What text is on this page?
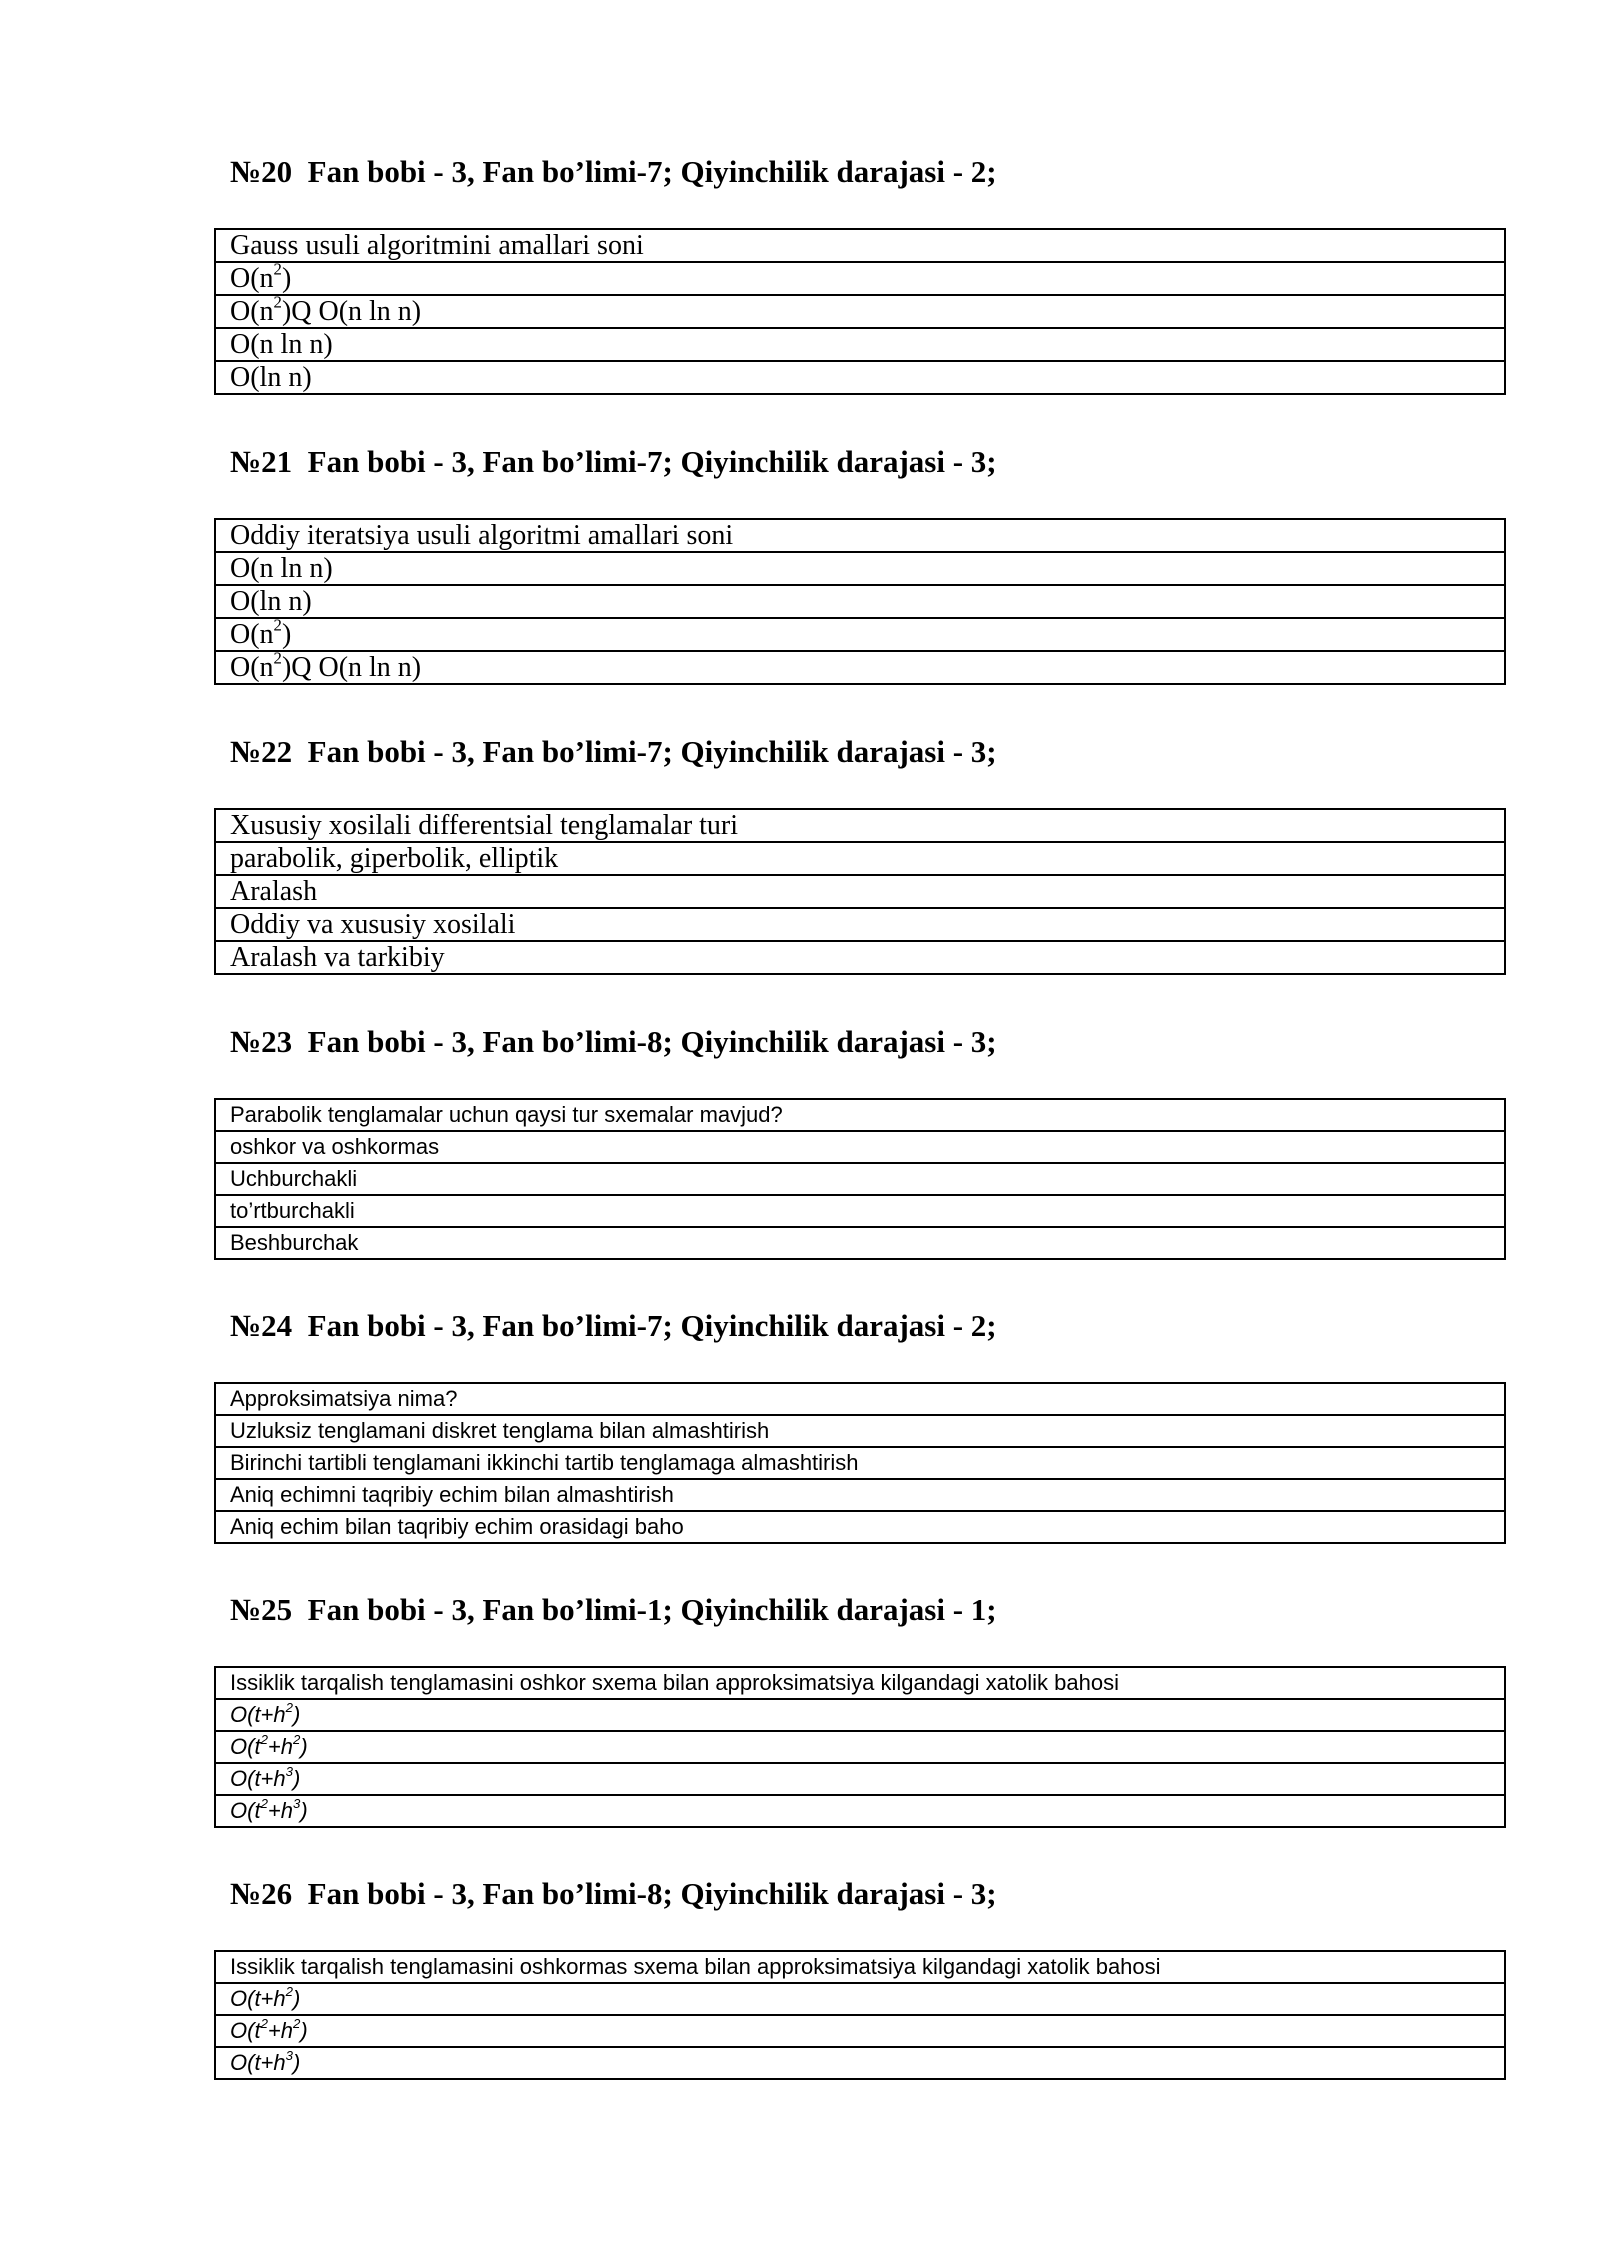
№20  Fan bobi - 3, Fan bo’limi-7; Qiyinchilik darajasi - 2;
Gauss usuli algoritmini amallari soni
$O(n^2)$
$O(n^2)Q$ O(n ln n)
O(n ln n)
O(ln n)
№21  Fan bobi - 3, Fan bo’limi-7; Qiyinchilik darajasi - 3;
Oddiy iteratsiya usuli algoritmi amallari soni
O(n ln n)
O(ln n)
$O(n^2)$
$O(n^2)Q$ O(n ln n)
№22  Fan bobi - 3, Fan bo’limi-7; Qiyinchilik darajasi - 3;
Xususiy xosilali differentsial tenglamalar turi
parabolik, giperbolik, elliptik
Aralash
Oddiy va xususiy xosilali
Aralash va tarkibiy
№23  Fan bobi - 3, Fan bo’limi-8; Qiyinchilik darajasi - 3;
Parabolik tenglamalar uchun qaysi tur sxemalar mavjud?
oshkor va oshkormas
Uchburchakli
to’rtburchakli
Beshburchak
№24  Fan bobi - 3, Fan bo’limi-7; Qiyinchilik darajasi - 2;
Approksimatsiya nima?
Uzluksiz tenglamani diskret tenglama bilan almashtirish
Birinchi tartibli tenglamani ikkinchi tartib tenglamaga almashtirish
Aniq echimni taqribiy echim bilan almashtirish
Aniq echim bilan taqribiy echim orasidagi baho
№25  Fan bobi - 3, Fan bo’limi-1; Qiyinchilik darajasi - 1;
Issiklik tarqalish tenglamasini oshkor sxema bilan approksimatsiya kilgandagi xatolik bahosi
$O(t+h^2)$
$O(t^2+h^2)$
$O(t+h^3)$
$O(t^2+h^3)$
№26  Fan bobi - 3, Fan bo’limi-8; Qiyinchilik darajasi - 3;
Issiklik tarqalish tenglamasini oshkormas sxema bilan approksimatsiya kilgandagi xatolik bahosi
$O(t+h^2)$
$O(t^2+h^2)$
$O(t+h^3)$
